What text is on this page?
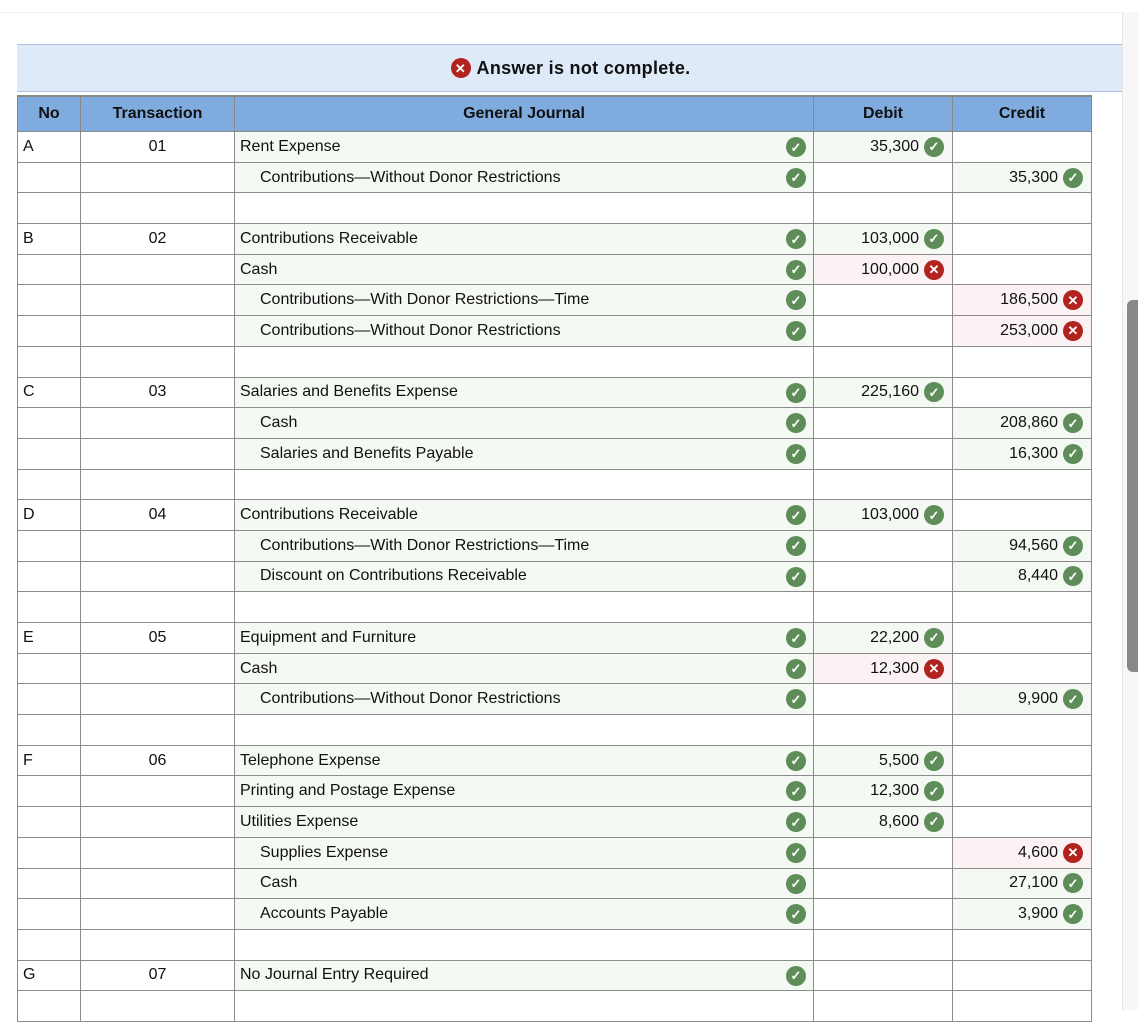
✕ Answer is not complete.
No	Transaction	General Journal	Debit	Credit
A	01	Rent Expense ✓	35,300 ✓	
		Contributions—Without Donor Restrictions ✓		35,300 ✓

B	02	Contributions Receivable ✓	103,000 ✓	
		Cash ✓	100,000 ✕	
		Contributions—With Donor Restrictions—Time ✓		186,500 ✕
		Contributions—Without Donor Restrictions ✓		253,000 ✕

C	03	Salaries and Benefits Expense ✓	225,160 ✓	
		Cash ✓		208,860 ✓
		Salaries and Benefits Payable ✓		16,300 ✓

D	04	Contributions Receivable ✓	103,000 ✓	
		Contributions—With Donor Restrictions—Time ✓		94,560 ✓
		Discount on Contributions Receivable ✓		8,440 ✓

E	05	Equipment and Furniture ✓	22,200 ✓	
		Cash ✓	12,300 ✕	
		Contributions—Without Donor Restrictions ✓		9,900 ✓

F	06	Telephone Expense ✓	5,500 ✓	
		Printing and Postage Expense ✓	12,300 ✓	
		Utilities Expense ✓	8,600 ✓	
		Supplies Expense ✓		4,600 ✕
		Cash ✓		27,100 ✓
		Accounts Payable ✓		3,900 ✓

G	07	No Journal Entry Required ✓		
